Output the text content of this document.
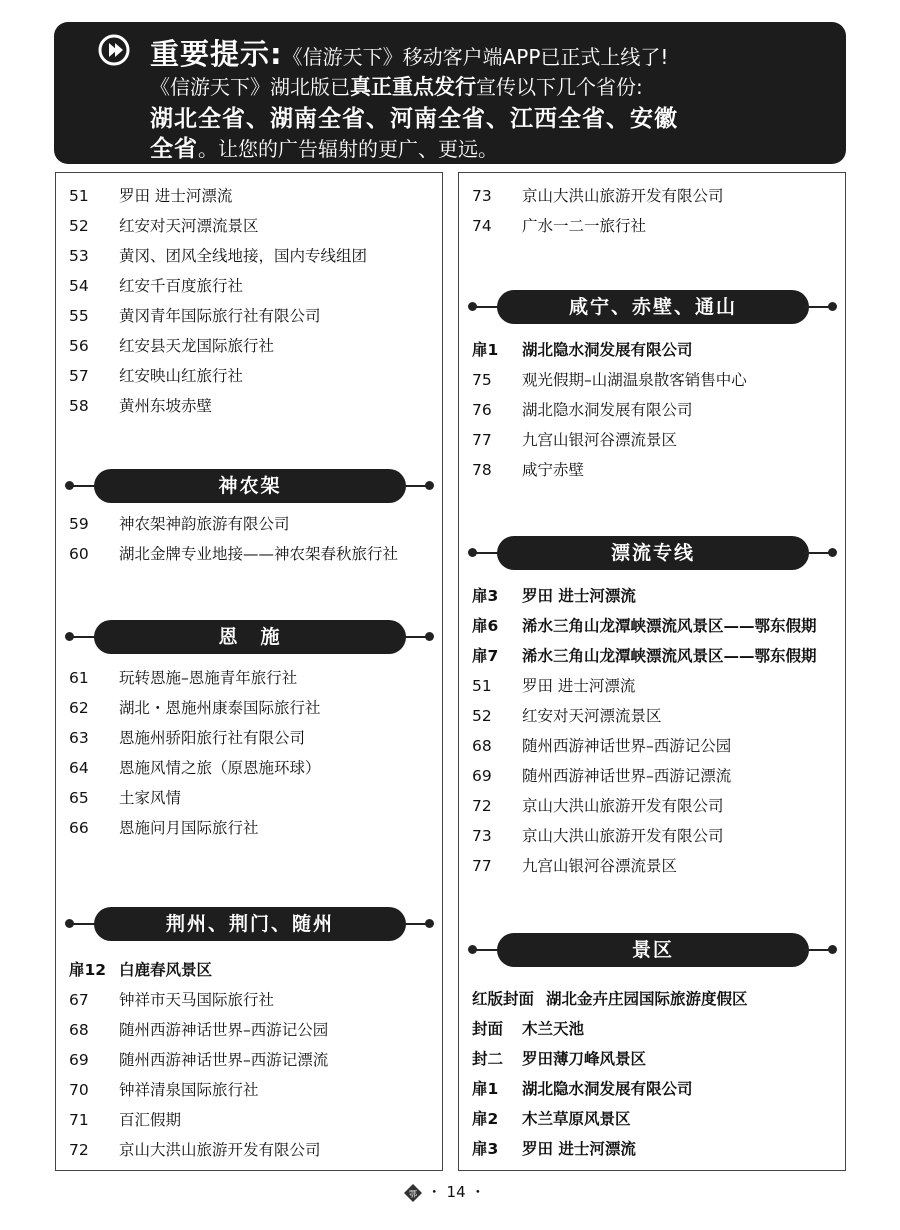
重要提示:《信游天下》移动客户端APP已正式上线了!
《信游天下》湖北版已真正重点发行宣传以下几个省份:
湖北全省、湖南全省、河南全省、江西全省、安徽
全省。让您的广告辐射的更广、更远。
51 罗田 进士河漂流
52 红安对天河漂流景区
53 黄冈、团风全线地接，国内专线组团
54 红安千百度旅行社
55 黄冈青年国际旅行社有限公司
56 红安县天龙国际旅行社
57 红安映山红旅行社
58 黄州东坡赤壁
神农架
59 神农架神韵旅游有限公司
60 湖北金牌专业地接——神农架春秋旅行社
恩　施
61 玩转恩施–恩施青年旅行社
62 湖北・恩施州康泰国际旅行社
63 恩施州骄阳旅行社有限公司
64 恩施风情之旅（原恩施环球）
65 土家风情
66 恩施问月国际旅行社
荆州、荆门、随州
扉12 白鹿春风景区
67 钟祥市天马国际旅行社
68 随州西游神话世界–西游记公园
69 随州西游神话世界–西游记漂流
70 钟祥清泉国际旅行社
71 百汇假期
72 京山大洪山旅游开发有限公司
73 京山大洪山旅游开发有限公司
74 广水一二一旅行社
咸宁、赤壁、通山
扉1 湖北隐水洞发展有限公司
75 观光假期–山湖温泉散客销售中心
76 湖北隐水洞发展有限公司
77 九宫山银河谷漂流景区
78 咸宁赤壁
漂流专线
扉3 罗田 进士河漂流
扉6 浠水三角山龙潭峡漂流风景区——鄂东假期
扉7 浠水三角山龙潭峡漂流风景区——鄂东假期
51 罗田 进士河漂流
52 红安对天河漂流景区
68 随州西游神话世界–西游记公园
69 随州西游神话世界–西游记漂流
72 京山大洪山旅游开发有限公司
73 京山大洪山旅游开发有限公司
77 九宫山银河谷漂流景区
景区
红版封面 湖北金卉庄园国际旅游度假区
封面 木兰天池
封二 罗田薄刀峰风景区
扉1 湖北隐水洞发展有限公司
扉2 木兰草原风景区
扉3 罗田 进士河漂流
鄂 ・ 14 ・
